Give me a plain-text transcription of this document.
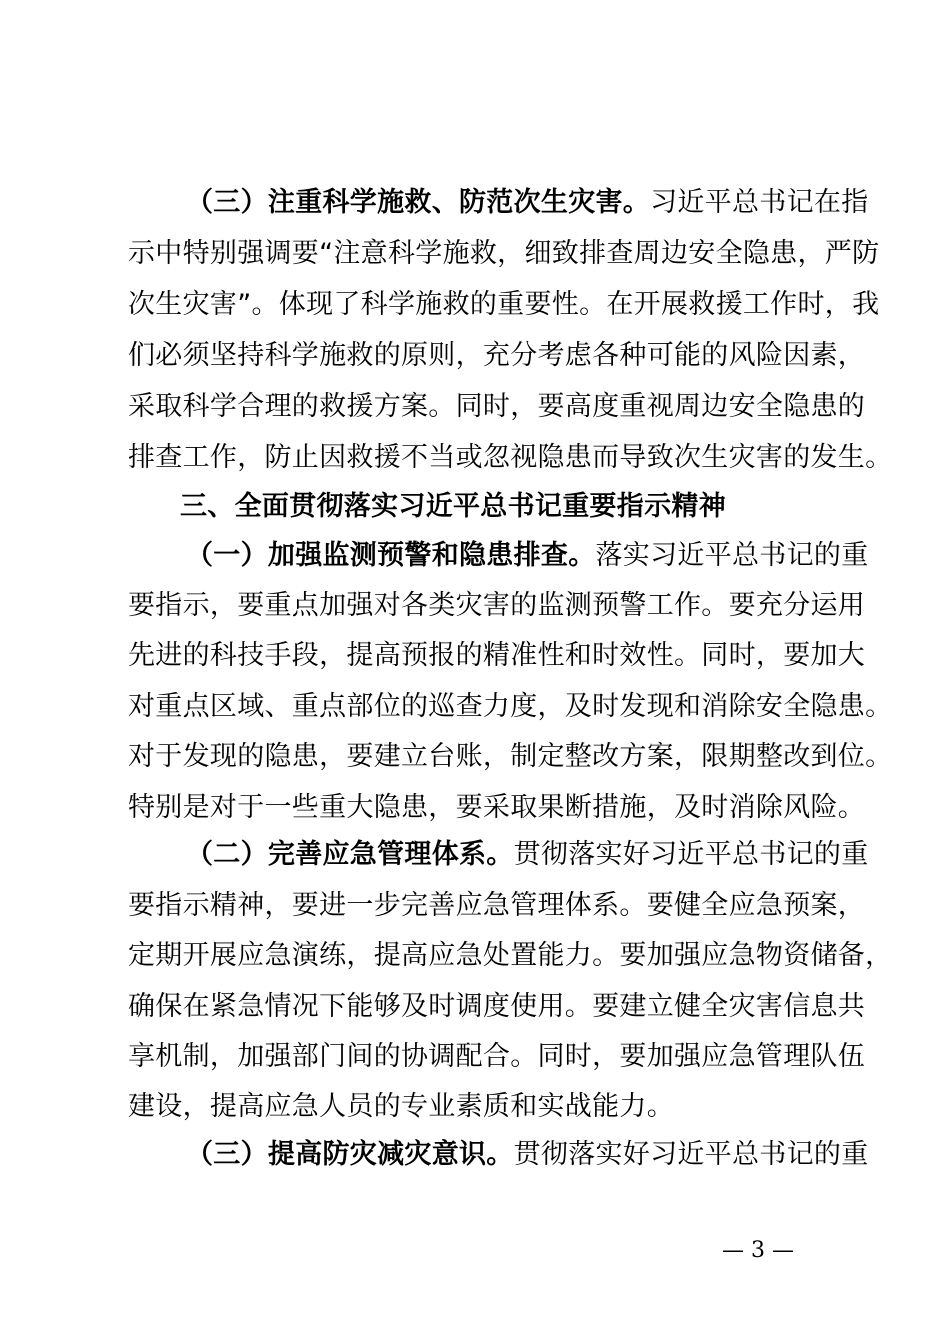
（三）注重科学施救、防范次生灾害。习近平总书记在指
示中特别强调要“注意科学施救，细致排查周边安全隐患，严防
次生灾害”。体现了科学施救的重要性。在开展救援工作时，我
们必须坚持科学施救的原则，充分考虑各种可能的风险因素，
采取科学合理的救援方案。同时，要高度重视周边安全隐患的
排查工作，防止因救援不当或忽视隐患而导致次生灾害的发生。
三、全面贯彻落实习近平总书记重要指示精神
（一）加强监测预警和隐患排查。落实习近平总书记的重
要指示，要重点加强对各类灾害的监测预警工作。要充分运用
先进的科技手段，提高预报的精准性和时效性。同时，要加大
对重点区域、重点部位的巡查力度，及时发现和消除安全隐患。
对于发现的隐患，要建立台账，制定整改方案，限期整改到位。
特别是对于一些重大隐患，要采取果断措施，及时消除风险。
（二）完善应急管理体系。贯彻落实好习近平总书记的重
要指示精神，要进一步完善应急管理体系。要健全应急预案，
定期开展应急演练，提高应急处置能力。要加强应急物资储备，
确保在紧急情况下能够及时调度使用。要建立健全灾害信息共
享机制，加强部门间的协调配合。同时，要加强应急管理队伍
建设，提高应急人员的专业素质和实战能力。
（三）提高防灾减灾意识。贯彻落实好习近平总书记的重
— 3 —
